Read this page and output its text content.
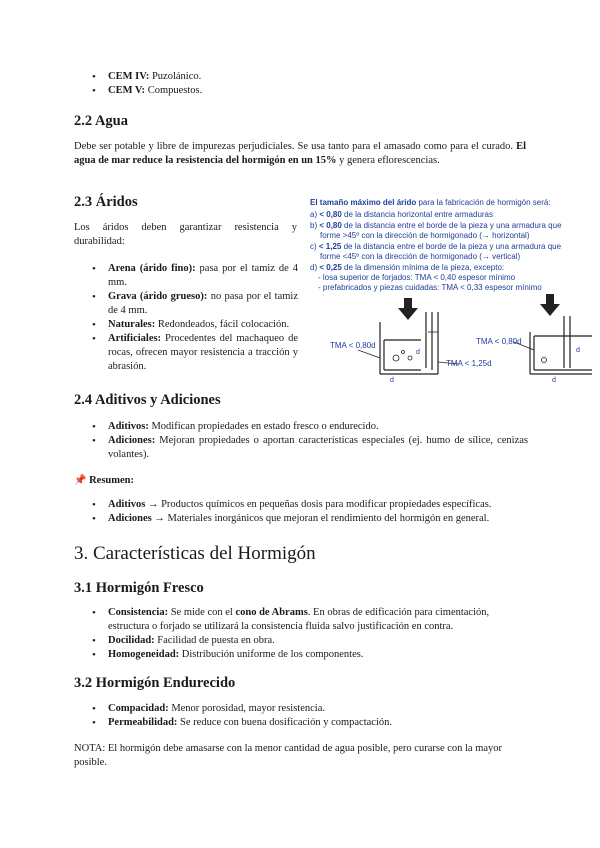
• CEM IV: Puzolánico.
• CEM V: Compuestos.
2.2 Agua

Debe ser potable y libre de impurezas perjudiciales. Se usa tanto para el amasado como para el curado. El agua de mar reduce la resistencia del hormigón en un 15% y genera eflorescencias.

2.3 Áridos

Los áridos deben garantizar resistencia y durabilidad:

• Arena (árido fino): pasa por el tamiz de 4 mm.
• Grava (árido grueso): no pasa por el tamiz de 4 mm.
• Naturales: Redondeados, fácil colocación.
• Artificiales: Procedentes del machaqueo de rocas, ofrecen mayor resistencia a tracción y abrasión.
El tamaño máximo del árido para la fabricación de hormigón será:
a) < 0,80 de la distancia horizontal entre armaduras
b) < 0,80 de la distancia entre el borde de la pieza y una armadura que
forme >45º con la dirección de hormigonado (→ horizontal)
c) < 1,25 de la distancia entre el borde de la pieza y una armadura que
forme <45º con la dirección de hormigonado (→ vertical)
d) < 0,25 de la dimensión mínima de la pieza, excepto:
- losa superior de forjados: TMA < 0,40 espesor mínimo
- prefabricados y piezas cuidadas: TMA < 0,33 espesor mínimo
TMA < 0,80d
d
d
TMA < 1,25d
TMA < 0,80d
d
d
2.4 Aditivos y Adiciones
• Aditivos: Modifican propiedades en estado fresco o endurecido.
• Adiciones: Mejoran propiedades o aportan características especiales (ej. humo de sílice, cenizas volantes).

📌 Resumen:

• Aditivos → Productos químicos en pequeñas dosis para modificar propiedades específicas.
• Adiciones → Materiales inorgánicos que mejoran el rendimiento del hormigón en general.
3. Características del Hormigón
3.1 Hormigón Fresco
• Consistencia: Se mide con el cono de Abrams. En obras de edificación para cimentación, estructura o forjado se utilizará la consistencia fluida salvo justificación en contra.
• Docilidad: Facilidad de puesta en obra.
• Homogeneidad: Distribución uniforme de los componentes.
3.2 Hormigón Endurecido
• Compacidad: Menor porosidad, mayor resistencia.
• Permeabilidad: Se reduce con buena dosificación y compactación.

NOTA: El hormigón debe amasarse con la menor cantidad de agua posible, pero curarse con la mayor posible.
